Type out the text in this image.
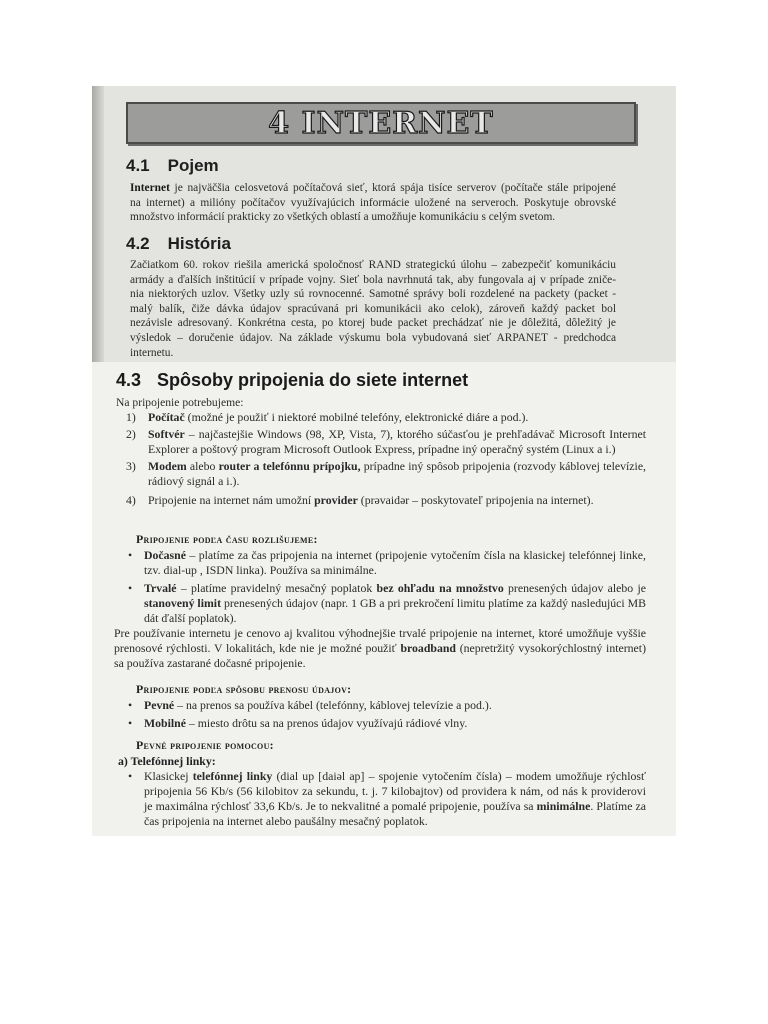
4 INTERNET
4.1 Pojem
Internet je najväčšia celosvetová počítačová sieť, ktorá spája tisíce serverov (počítače stále pripojené
na internet) a milióny počítačov využívajúcich informácie uložené na serveroch. Poskytuje obrovské
množstvo informácií prakticky zo všetkých oblastí a umožňuje komunikáciu s celým svetom.
4.2 História
Začiatkom 60. rokov riešila americká spoločnosť RAND strategickú úlohu – zabezpečiť komunikáciu
armády a ďalších inštitúcií v prípade vojny. Sieť bola navrhnutá tak, aby fungovala aj v prípade zniče-
nia niektorých uzlov. Všetky uzly sú rovnocenné. Samotné správy boli rozdelené na packety (packet -
malý balík, čiže dávka údajov spracúvaná pri komunikácii ako celok), zároveň každý packet bol
nezávisle adresovaný. Konkrétna cesta, po ktorej bude packet prechádzať nie je dôležitá, dôležitý je
výsledok – doručenie údajov. Na základe výskumu bola vybudovaná sieť ARPANET - predchodca
internetu.
4.3 Spôsoby pripojenia do siete internet
Na pripojenie potrebujeme:
1) Počítač (možné je použiť i niektoré mobilné telefóny, elektronické diáre a pod.).
2) Softvér – najčastejšie Windows (98, XP, Vista, 7), ktorého súčasťou je prehľadávač Microsoft Internet Explorer a poštový program Microsoft Outlook Express, prípadne iný operačný systém (Linux a i.)
3) Modem alebo router a telefónnu prípojku, prípadne iný spôsob pripojenia (rozvody káblovej televízie, rádiový signál a i.).
4) Pripojenie na internet nám umožní provider (prəvaidər – poskytovateľ pripojenia na internet).
Pripojenie podľa času rozlišujeme:
• Dočasné – platíme za čas pripojenia na internet (pripojenie vytočením čísla na klasickej telefónnej linke, tzv. dial-up , ISDN linka). Používa sa minimálne.
• Trvalé – platíme pravidelný mesačný poplatok bez ohľadu na množstvo prenesených údajov alebo je stanovený limit prenesených údajov (napr. 1 GB a pri prekročení limitu platíme za každý nasledujúci MB dát ďalší poplatok).
Pre používanie internetu je cenovo aj kvalitou výhodnejšie trvalé pripojenie na internet, ktoré umožňuje vyššie prenosové rýchlosti. V lokalitách, kde nie je možné použiť broadband (nepretržitý vysokorýchlostný internet) sa používa zastarané dočasné pripojenie.
Pripojenie podľa spôsobu prenosu údajov:
• Pevné – na prenos sa používa kábel (telefónny, káblovej televízie a pod.).
• Mobilné – miesto drôtu sa na prenos údajov využívajú rádiové vlny.
Pevné pripojenie pomocou:
a) Telefónnej linky:
• Klasickej telefónnej linky (dial up [daiəl ap] – spojenie vytočením čísla) – modem umožňuje rýchlosť pripojenia 56 Kb/s (56 kilobitov za sekundu, t. j. 7 kilobajtov) od providera k nám, od nás k providerovi je maximálna rýchlosť 33,6 Kb/s. Je to nekvalitné a pomalé pripojenie, používa sa minimálne. Platíme za čas pripojenia na internet alebo paušálny mesačný poplatok.
